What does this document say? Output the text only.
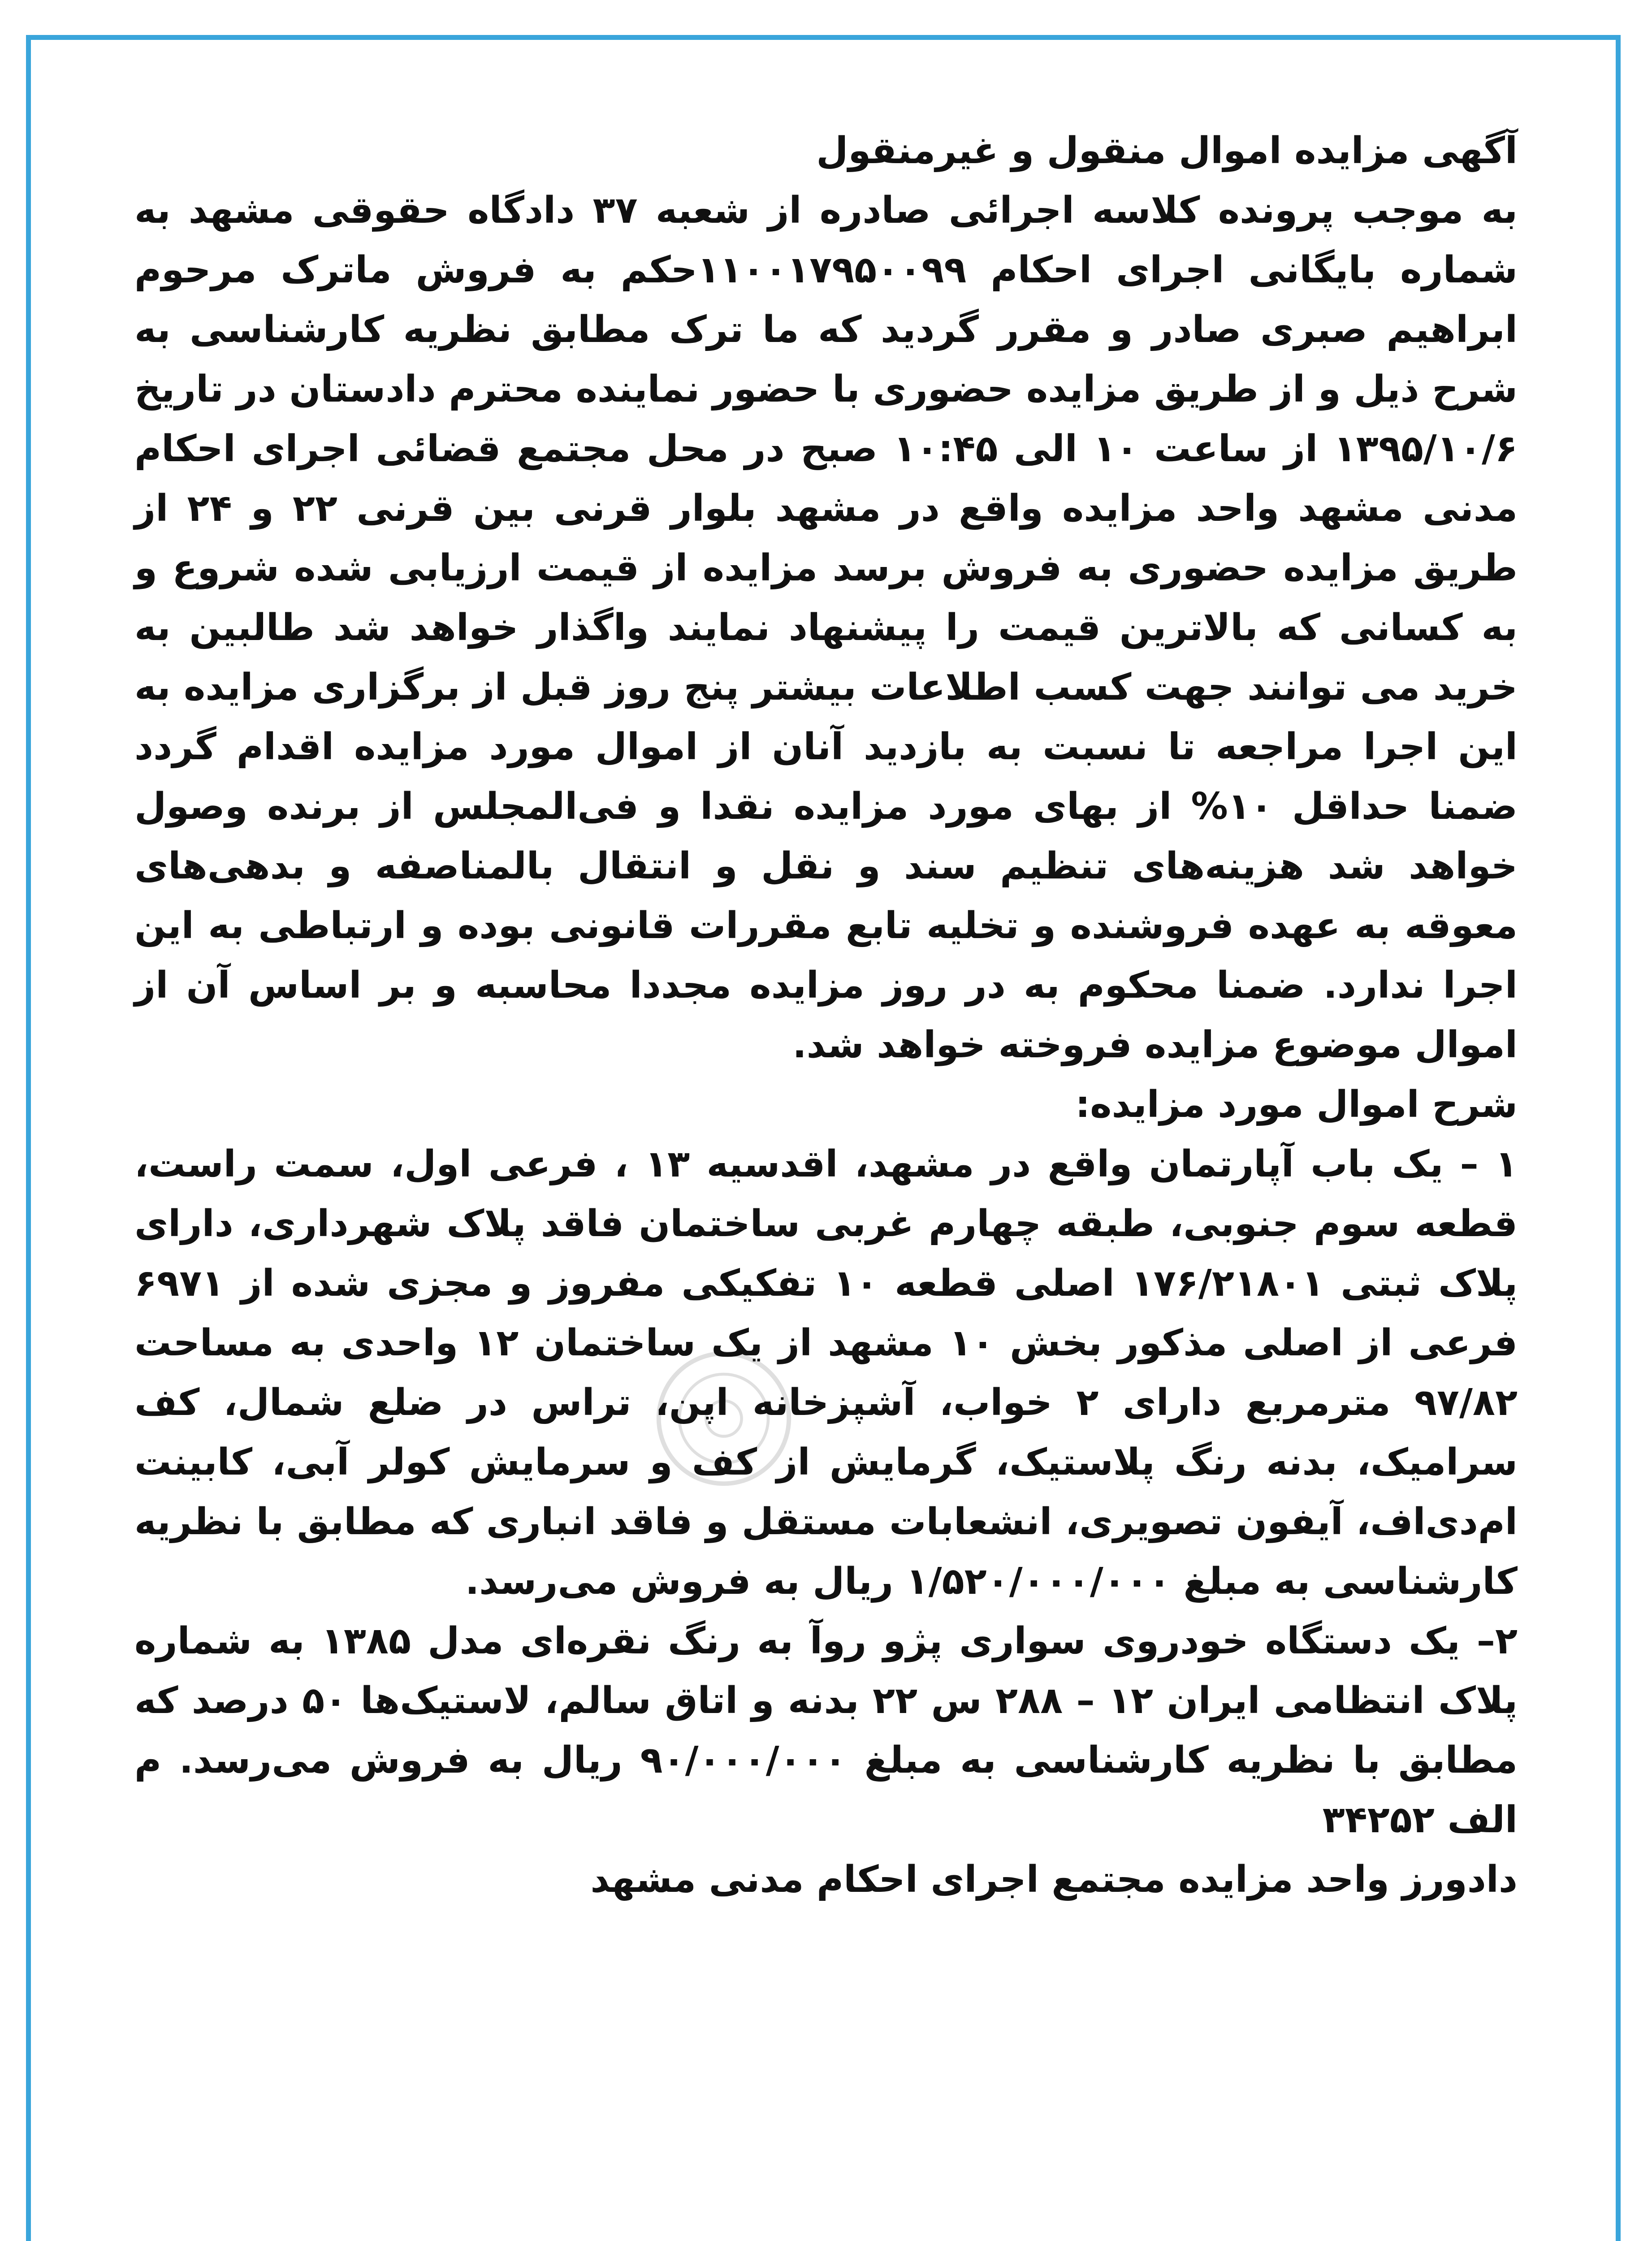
آگهی مزایده اموال منقول و غیرمنقول

به موجب پرونده کلاسه اجرائی صادره از شعبه ۳۷ دادگاه حقوقی مشهد به شماره بایگانی اجرای احکام ۱۱۰۰۱۷۹۵۰۰۹۹حکم به فروش ماترک مرحوم ابراهیم صبری صادر و مقرر گردید که ما ترک مطابق نظریه کارشناسی به شرح ذیل و از طریق مزایده حضوری با حضور نماینده محترم دادستان در تاریخ ۱۳۹۵/۱۰/۶ از ساعت ۱۰ الی ۱۰:۴۵ صبح در محل مجتمع قضائی اجرای احکام مدنی مشهد واحد مزایده واقع در مشهد بلوار قرنی بین قرنی ۲۲ و ۲۴ از طریق مزایده حضوری به فروش برسد مزایده از قیمت ارزیابی شده شروع و به کسانی که بالاترین قیمت را پیشنهاد نمایند واگذار خواهد شد طالبین به خرید می توانند جهت کسب اطلاعات بیشتر پنج روز قبل از برگزاری مزایده به این اجرا مراجعه تا نسبت به بازدید آنان از اموال مورد مزایده اقدام گردد ضمنا حداقل ۱۰% از بهای مورد مزایده نقدا و فی‌المجلس از برنده وصول خواهد شد هزینه‌های تنظیم سند و نقل و انتقال بالمناصفه و بدهی‌های معوقه به عهده فروشنده و تخلیه تابع مقررات قانونی بوده و ارتباطی به این اجرا ندارد. ضمنا محکوم به در روز مزایده مجددا محاسبه و بر اساس آن از اموال موضوع مزایده فروخته خواهد شد.

شرح اموال مورد مزایده:

۱ – یک باب آپارتمان واقع در مشهد، اقدسیه ۱۳ ، فرعی اول، سمت راست، قطعه سوم جنوبی، طبقه چهارم غربی ساختمان فاقد پلاک شهرداری، دارای پلاک ثبتی ۱۷۶/۲۱۸۰۱ اصلی قطعه ۱۰ تفکیکی مفروز و مجزی شده از ۶۹۷۱ فرعی از اصلی مذکور بخش ۱۰ مشهد از یک ساختمان ۱۲ واحدی به مساحت ۹۷/۸۲ مترمربع دارای ۲ خواب، آشپزخانه اپن، تراس در ضلع شمال، کف سرامیک، بدنه رنگ پلاستیک، گرمایش از کف و سرمایش کولر آبی، کابینت ام‌دی‌اف، آیفون تصویری، انشعابات مستقل و فاقد انباری که مطابق با نظریه کارشناسی به مبلغ ۱/۵۲۰/۰۰۰/۰۰۰ ریال به فروش می‌رسد.

۲– یک دستگاه خودروی سواری پژو روآ به رنگ نقره‌ای مدل ۱۳۸۵ به شماره پلاک انتظامی ایران ۱۲ – ۲۸۸ س ۲۲ بدنه و اتاق سالم، لاستیک‌ها ۵۰ درصد که مطابق با نظریه کارشناسی به مبلغ ۹۰/۰۰۰/۰۰۰ ریال به فروش می‌رسد. م الف ۳۴۲۵۲

دادورز واحد مزایده مجتمع اجرای احکام مدنی مشهد
